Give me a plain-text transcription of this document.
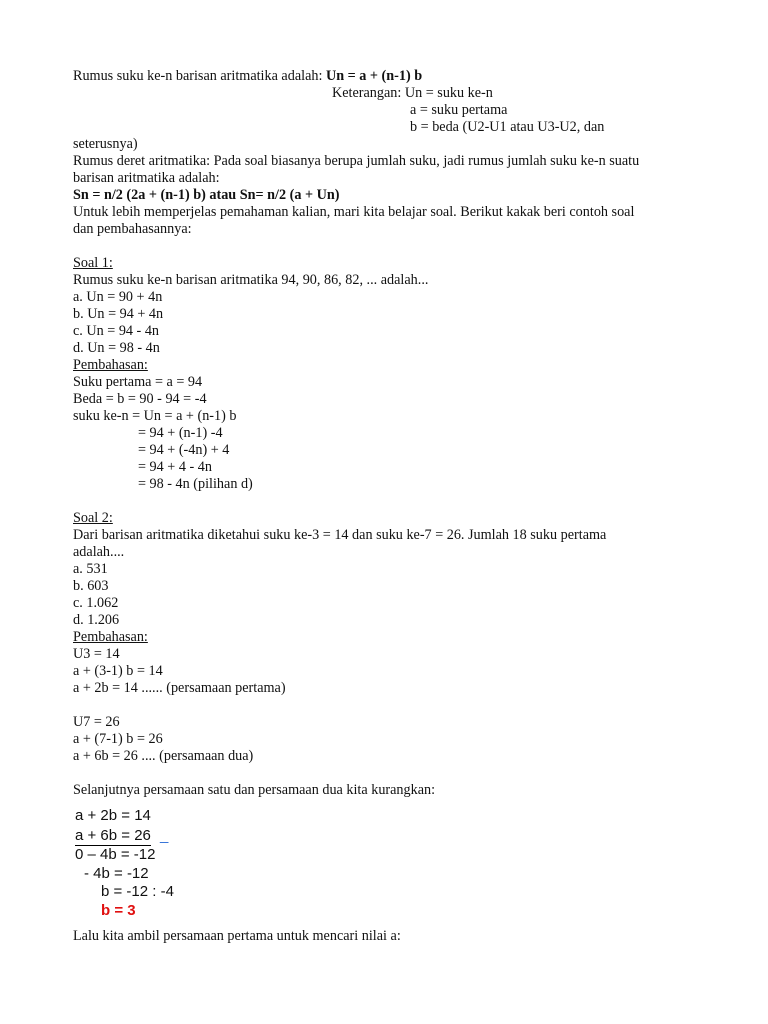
Rumus suku ke-n barisan aritmatika adalah: Un = a + (n-1) b
Keterangan: Un = suku ke-n
a = suku pertama
b = beda (U2-U1 atau U3-U2, dan
seterusnya)
Rumus deret aritmatika: Pada soal biasanya berupa jumlah suku, jadi rumus jumlah suku ke-n suatu
barisan aritmatika adalah:
Sn = n/2 (2a + (n-1) b) atau Sn= n/2 (a + Un)
Untuk lebih memperjelas pemahaman kalian, mari kita belajar soal. Berikut kakak beri contoh soal
dan pembahasannya:
Soal 1:
Rumus suku ke-n barisan aritmatika 94, 90, 86, 82, ... adalah...
a. Un = 90 + 4n
b. Un = 94 + 4n
c. Un = 94 - 4n
d. Un = 98 - 4n
Pembahasan:
Suku pertama = a = 94
Beda = b = 90 - 94 = -4
suku ke-n = Un = a + (n-1) b
= 94 + (n-1) -4
= 94 + (-4n) + 4
= 94 + 4 - 4n
= 98 - 4n (pilihan d)
Soal 2:
Dari barisan aritmatika diketahui suku ke-3 = 14 dan suku ke-7 = 26. Jumlah 18 suku pertama
adalah....
a. 531
b. 603
c. 1.062
d. 1.206
Pembahasan:
U3 = 14
a + (3-1) b = 14
a + 2b = 14 ...... (persamaan pertama)
U7 = 26
a + (7-1) b = 26
a + 6b = 26 .... (persamaan dua)
Selanjutnya persamaan satu dan persamaan dua kita kurangkan:
a + 2b = 14
a + 6b = 26 _
0 – 4b = -12
- 4b = -12
b = -12 : -4
b = 3
Lalu kita ambil persamaan pertama untuk mencari nilai a:
